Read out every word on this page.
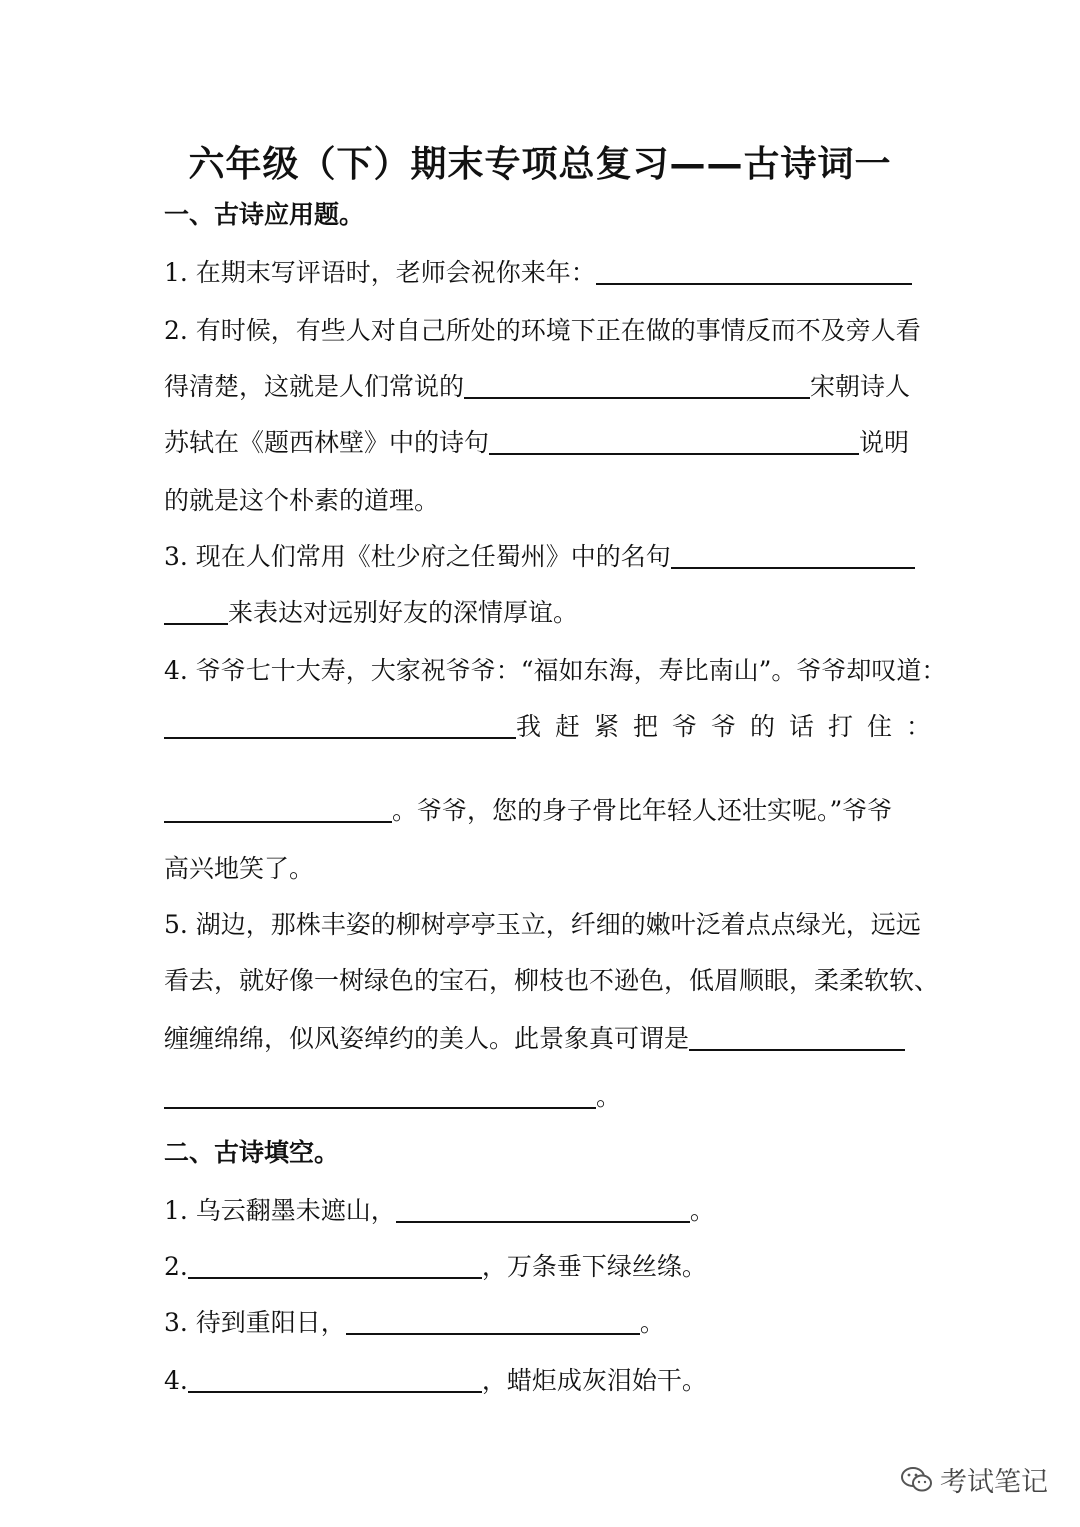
六年级（下）期末专项总复习——古诗词一
一、古诗应用题。
1. 在期末写评语时，老师会祝你来年：
2. 有时候，有些人对自己所处的环境下正在做的事情反而不及旁人看
得清楚，这就是人们常说的	宋朝诗人
苏轼在《题西林壁》中的诗句	说明
的就是这个朴素的道理。
3. 现在人们常用《杜少府之任蜀州》中的名句
来表达对远别好友的深情厚谊。
4. 爷爷七十大寿，大家祝爷爷：“福如东海，寿比南山”。爷爷却叹道：
我赶紧把爷爷的话打住：
。爷爷，您的身子骨比年轻人还壮实呢。”爷爷
高兴地笑了。
5. 湖边，那株丰姿的柳树亭亭玉立，纤细的嫩叶泛着点点绿光，远远
看去，就好像一树绿色的宝石，柳枝也不逊色，低眉顺眼，柔柔软软、
缠缠绵绵，似风姿绰约的美人。此景象真可谓是
。
二、古诗填空。
1. 乌云翻墨未遮山，	。
2.	，万条垂下绿丝绦。
3. 待到重阳日，	。
4.	，蜡炬成灰泪始干。
考试笔记
